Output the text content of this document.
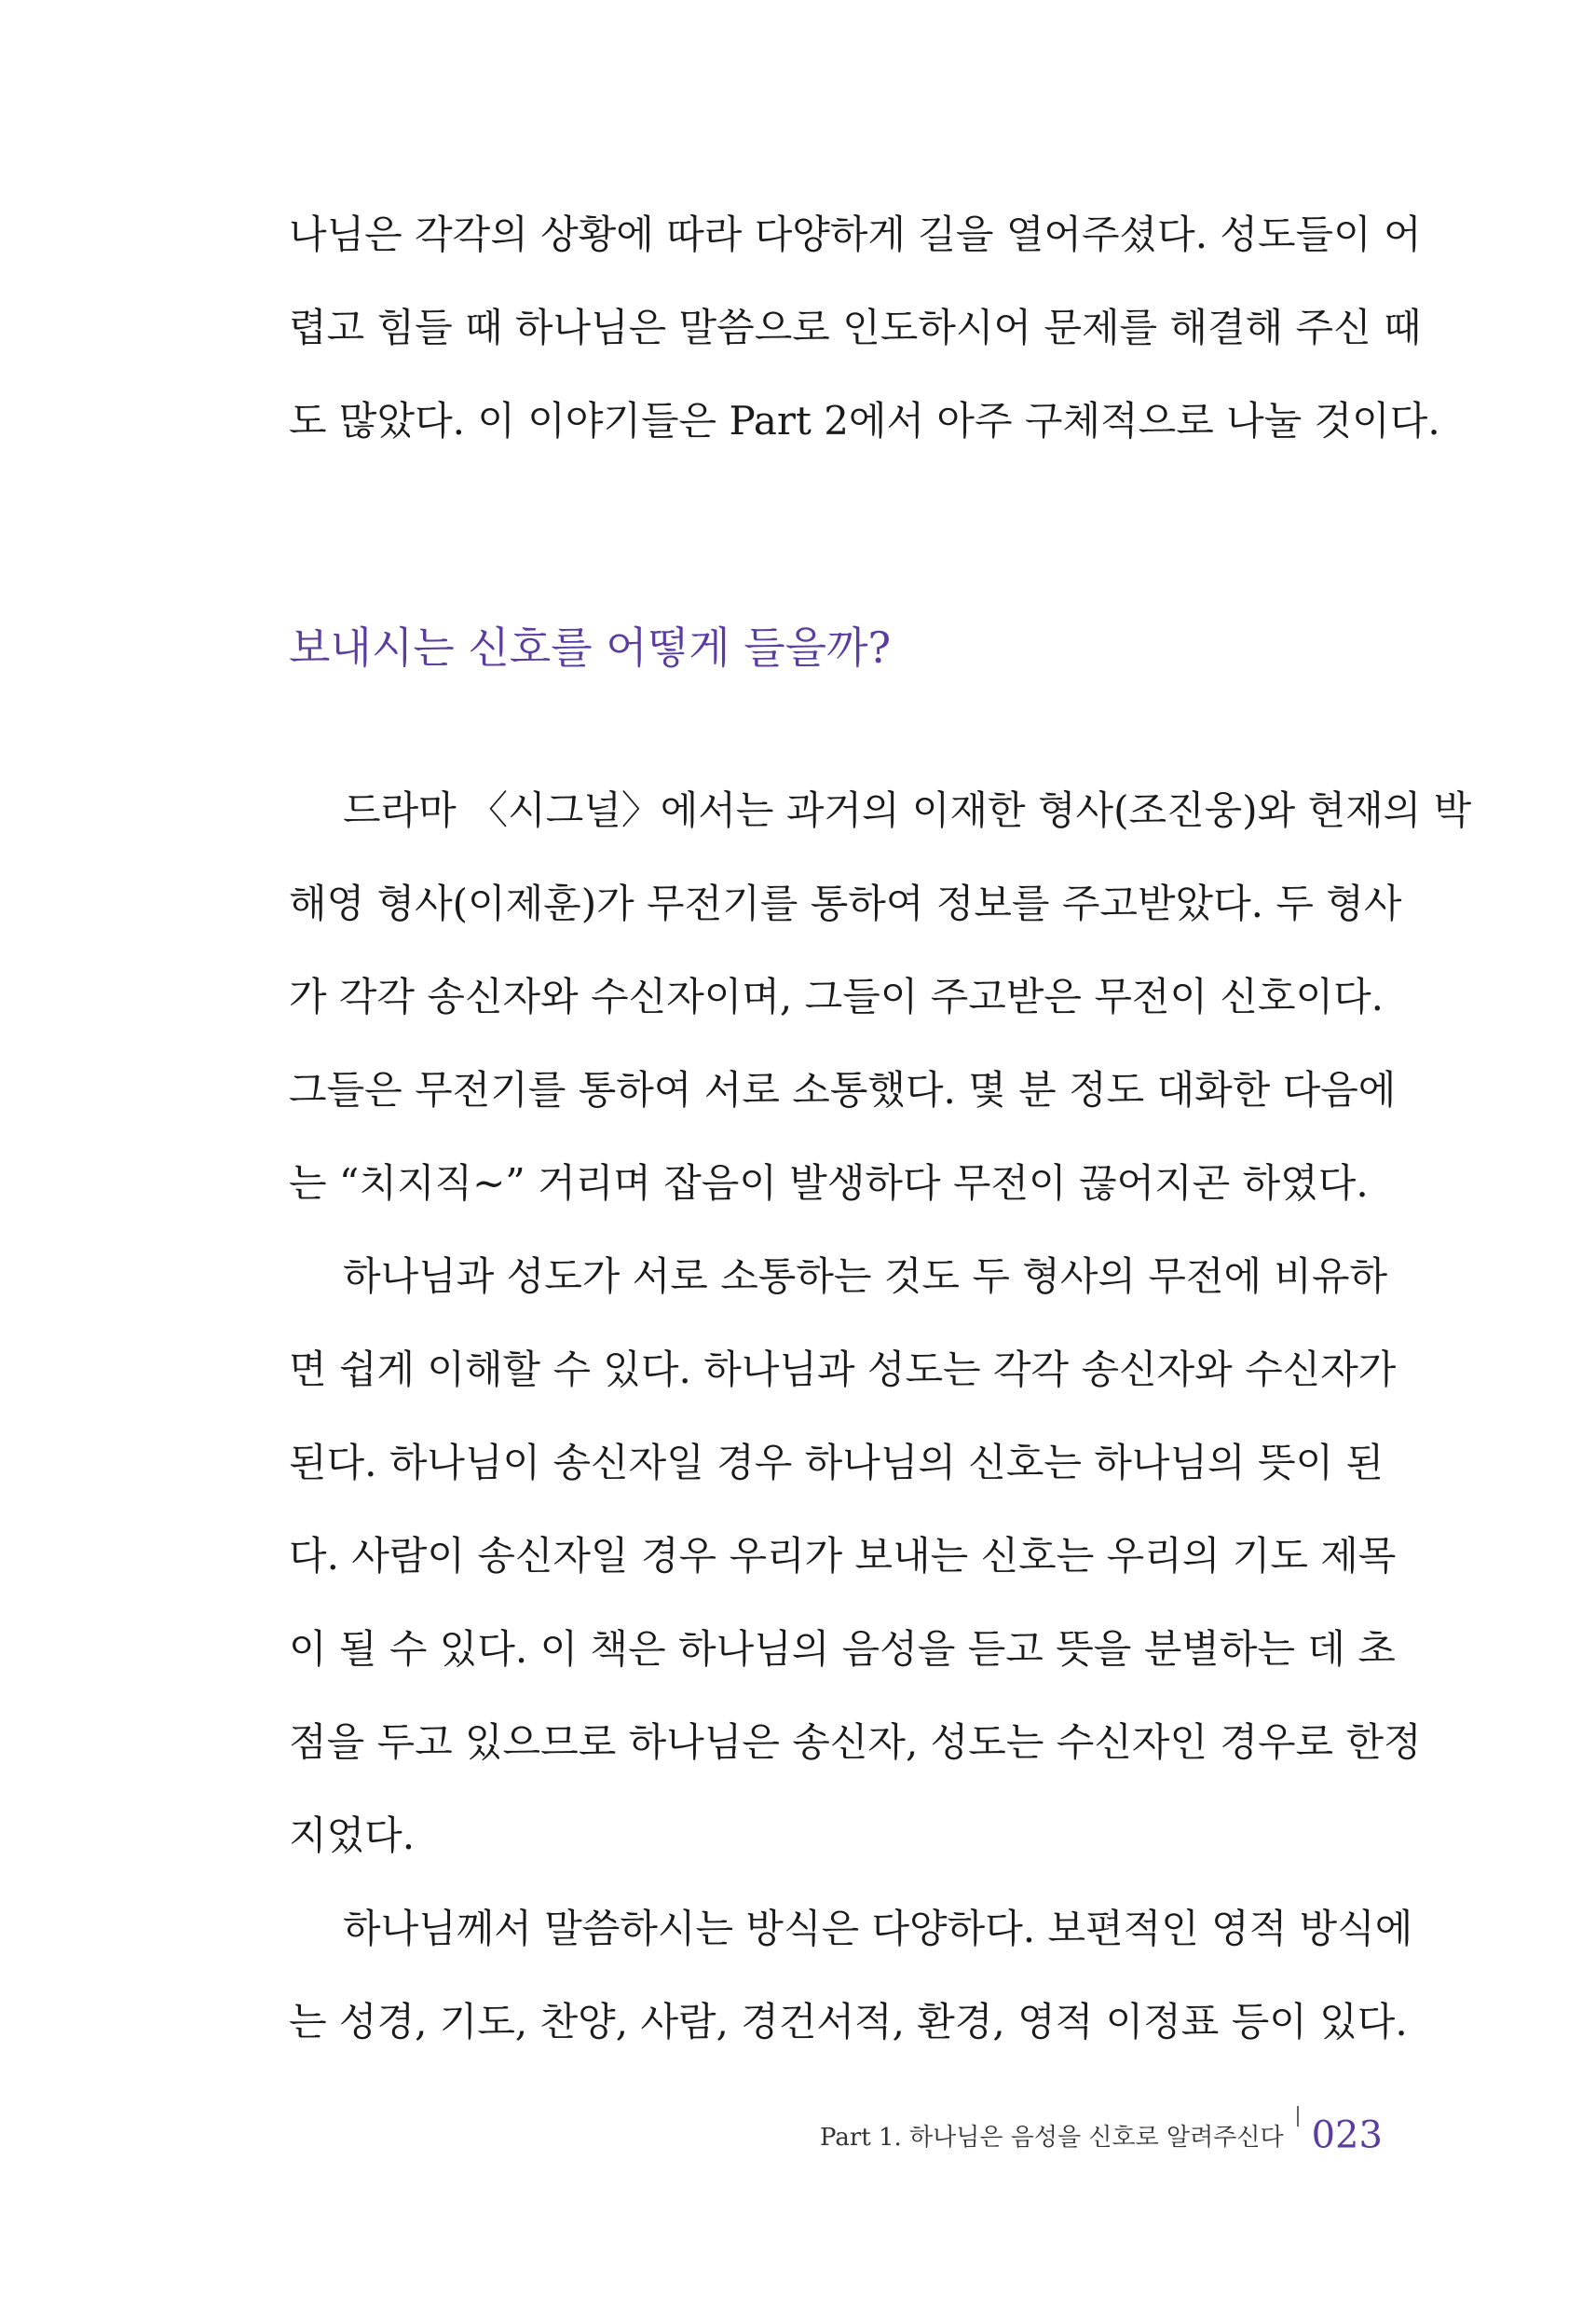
나님은 각각의 상황에 따라 다양하게 길을 열어주셨다. 성도들이 어
렵고 힘들 때 하나님은 말씀으로 인도하시어 문제를 해결해 주신 때
도 많았다. 이 이야기들은 Part 2에서 아주 구체적으로 나눌 것이다.
보내시는 신호를 어떻게 들을까?
드라마 〈시그널〉에서는 과거의 이재한 형사(조진웅)와 현재의 박
해영 형사(이제훈)가 무전기를 통하여 정보를 주고받았다. 두 형사
가 각각 송신자와 수신자이며, 그들이 주고받은 무전이 신호이다.
그들은 무전기를 통하여 서로 소통했다. 몇 분 정도 대화한 다음에
는 “치지직~” 거리며 잡음이 발생하다 무전이 끊어지곤 하였다.
하나님과 성도가 서로 소통하는 것도 두 형사의 무전에 비유하
면 쉽게 이해할 수 있다. 하나님과 성도는 각각 송신자와 수신자가
된다. 하나님이 송신자일 경우 하나님의 신호는 하나님의 뜻이 된
다. 사람이 송신자일 경우 우리가 보내는 신호는 우리의 기도 제목
이 될 수 있다. 이 책은 하나님의 음성을 듣고 뜻을 분별하는 데 초
점을 두고 있으므로 하나님은 송신자, 성도는 수신자인 경우로 한정
지었다.
하나님께서 말씀하시는 방식은 다양하다. 보편적인 영적 방식에
는 성경, 기도, 찬양, 사람, 경건서적, 환경, 영적 이정표 등이 있다.
Part 1. 하나님은 음성을 신호로 알려주신다 023
